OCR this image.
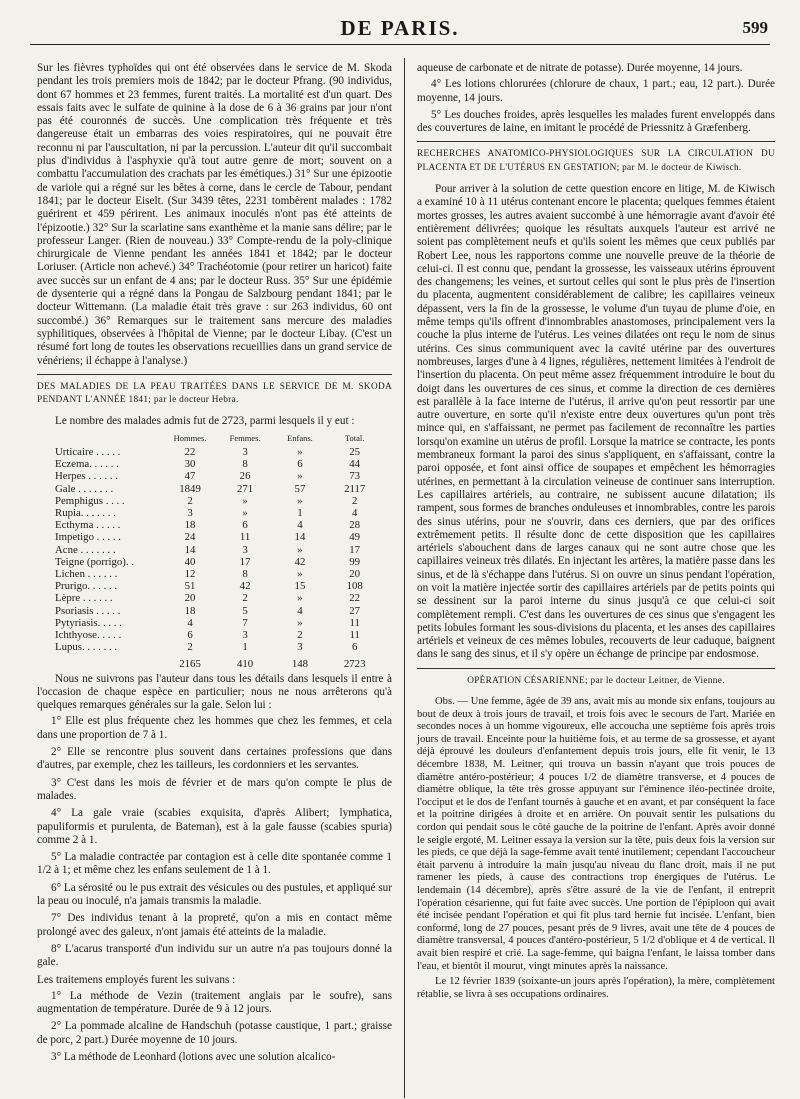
DE PARIS.	599

Sur les fièvres typhoïdes qui ont été observées dans le service de M. Skoda pendant les trois premiers mois de 1842; par le docteur Pfrang. (90 individus, dont 67 hommes et 23 femmes, furent traités. La mortalité est d'un quart. Des essais faits avec le sulfate de quinine à la dose de 6 à 36 grains par jour n'ont pas été couronnés de succès. Une complication très fréquente et très dangereuse était un embarras des voies respiratoires, qui ne pouvait être reconnu ni par l'auscultation, ni par la percussion. L'auteur dit qu'il succombait plus d'individus à l'asphyxie qu'à tout autre genre de mort; souvent on a combattu l'accumulation des crachats par les émétiques.) 31° Sur une épizootie de variole qui a régné sur les bêtes à corne, dans le cercle de Tabour, pendant 1841; par le docteur Eiselt. (Sur 3439 têtes, 2231 tombèrent malades : 1782 guérirent et 459 périrent. Les animaux inoculés n'ont pas été atteints de l'épizootie.) 32° Sur la scarlatine sans exanthème et la manie sans délire; par le professeur Langer. (Rien de nouveau.) 33° Compte-rendu de la poly-clinique chirurgicale de Vienne pendant les années 1841 et 1842; par le docteur Loriuser. (Article non achevé.) 34° Trachéotomie (pour retirer un haricot) faite avec succès sur un enfant de 4 ans; par le docteur Russ. 35° Sur une épidémie de dysenterie qui a régné dans la Pongau de Salzbourg pendant 1841; par le docteur Wittemann. (La maladie était très grave : sur 263 individus, 60 ont succombé.) 36° Remarques sur le traitement sans mercure des maladies syphilitiques, observées à l'hôpital de Vienne; par le docteur Libay. (C'est un résumé fort long de toutes les observations recueillies dans un grand service de vénériens; il échappe à l'analyse.)

DES MALADIES DE LA PEAU TRAITÉES DANS LE SERVICE DE M. SKODA PENDANT L'ANNÉE 1841; par le docteur Hebra.

Le nombre des malades admis fut de 2723, parmi lesquels il y eut :

	Hommes.	Femmes.	Enfans.	Total.
Urticaire . . . . .	22	3	»	25
Eczema. . . . . .	30	8	6	44
Herpes . . . . . .	47	26	»	73
Gale . . . . . . .	1849	271	57	2117
Pemphigus . . . .	2	»	»	2
Rupia. . . . . . .	3	»	1	4
Ecthyma . . . . .	18	6	4	28
Impetigo . . . . .	24	11	14	49
Acne . . . . . . .	14	3	»	17
Teigne (porrigo). .	40	17	42	99
Lichen . . . . . .	12	8	»	20
Prurigo. . . . . .	51	42	15	108
Lèpre . . . . . .	20	2	»	22
Psoriasis . . . . .	18	5	4	27
Pytyriasis. . . . .	4	7	»	11
Ichthyose. . . . .	6	3	2	11
Lupus. . . . . . .	2	1	3	6
	2165	410	148	2723

Nous ne suivrons pas l'auteur dans tous les détails dans lesquels il entre à l'occasion de chaque espèce en particulier; nous ne nous arrêterons qu'à quelques remarques générales sur la gale. Selon lui :

1° Elle est plus fréquente chez les hommes que chez les femmes, et cela dans une proportion de 7 à 1.

2° Elle se rencontre plus souvent dans certaines professions que dans d'autres, par exemple, chez les tailleurs, les cordonniers et les servantes.

3° C'est dans les mois de février et de mars qu'on compte le plus de malades.

4° La gale vraie (scabies exquisita, d'après Alibert; lymphatica, papuliformis et purulenta, de Bateman), est à la gale fausse (scabies spuria) comme 2 à 1.

5° La maladie contractée par contagion est à celle dite spontanée comme 1 1/2 à 1; et même chez les enfans seulement de 1 à 1.

6° La sérosité ou le pus extrait des vésicules ou des pustules, et appliqué sur la peau ou inoculé, n'a jamais transmis la maladie.

7° Des individus tenant à la propreté, qu'on a mis en contact même prolongé avec des galeux, n'ont jamais été atteints de la maladie.

8° L'acarus transporté d'un individu sur un autre n'a pas toujours donné la gale.

Les traitemens employés furent les suivans :

1° La méthode de Vezin (traitement anglais par le soufre), sans augmentation de température. Durée de 9 à 12 jours.

2° La pommade alcaline de Handschuh (potasse caustique, 1 part.; graisse de porc, 2 part.) Durée moyenne de 10 jours.

3° La méthode de Leonhard (lotions avec une solution alcalico-

aqueuse de carbonate et de nitrate de potasse). Durée moyenne, 14 jours.

4° Les lotions chlorurées (chlorure de chaux, 1 part.; eau, 12 part.). Durée moyenne, 14 jours.

5° Les douches froides, après lesquelles les malades furent enveloppés dans des couvertures de laine, en imitant le procédé de Priessnitz à Græfenberg.

RECHERCHES ANATOMICO-PHYSIOLOGIQUES SUR LA CIRCULATION DU PLACENTA ET DE L'UTÉRUS EN GESTATION; par M. le docteur de Kiwisch.

Pour arriver à la solution de cette question encore en litige, M. de Kiwisch a examiné 10 à 11 utérus contenant encore le placenta; quelques femmes étaient mortes grosses, les autres avaient succombé à une hémorragie avant d'avoir été entièrement délivrées; quoique les résultats auxquels l'auteur est arrivé ne soient pas complètement neufs et qu'ils soient les mêmes que ceux publiés par Robert Lee, nous les rapportons comme une nouvelle preuve de la théorie de celui-ci. Il est connu que, pendant la grossesse, les vaisseaux utérins éprouvent des changemens; les veines, et surtout celles qui sont le plus près de l'insertion du placenta, augmentent considérablement de calibre; les capillaires veineux dépassent, vers la fin de la grossesse, le volume d'un tuyau de plume d'oie, en même temps qu'ils offrent d'innombrables anastomoses, principalement vers la couche la plus interne de l'utérus. Les veines dilatées ont reçu le nom de sinus utérins. Ces sinus communiquent avec la cavité utérine par des ouvertures nombreuses, larges d'une à 4 lignes, régulières, nettement limitées à l'endroit de l'insertion du placenta. On peut même assez fréquemment introduire le bout du doigt dans les ouvertures de ces sinus, et comme la direction de ces dernières est parallèle à la face interne de l'utérus, il arrive qu'on peut ressortir par une autre ouverture, en sorte qu'il n'existe entre deux ouvertures qu'un pont très mince qui, en s'affaissant, ne permet pas facilement de reconnaître les parties lorsqu'on examine un utérus de profil. Lorsque la matrice se contracte, les ponts membraneux formant la paroi des sinus s'appliquent, en s'affaissant, contre la paroi opposée, et font ainsi office de soupapes et empêchent les hémorragies utérines, en permettant à la circulation veineuse de continuer sans interruption. Les capillaires artériels, au contraire, ne subissent aucune dilatation; ils rampent, sous formes de branches onduleuses et innombrables, contre les parois des sinus utérins, pour ne s'ouvrir, dans ces derniers, que par des orifices extrêmement petits. Il résulte donc de cette disposition que les capillaires artériels s'abouchent dans de larges canaux qui ne sont autre chose que les capillaires veineux très dilatés. En injectant les artères, la matière passe dans les sinus, et de là s'échappe dans l'utérus. Si on ouvre un sinus pendant l'opération, on voit la matière injectée sortir des capillaires artériels par de petits points qui se dessinent sur la paroi interne du sinus jusqu'à ce que celui-ci soit complètement rempli. C'est dans les ouvertures de ces sinus que s'engagent les petits lobules formant les sous-divisions du placenta, et les anses des capillaires artériels et veineux de ces mêmes lobules, recouverts de leur caduque, baignent dans le sang des sinus, et il s'y opère un échange de principe par endosmose.

OPÉRATION CÉSARIENNE; par le docteur Leitner, de Vienne.

Obs. — Une femme, âgée de 39 ans, avait mis au monde six enfans, toujours au bout de deux à trois jours de travail, et trois fois avec le secours de l'art. Mariée en secondes noces à un homme vigoureux, elle accoucha une septième fois après trois jours de travail. Enceinte pour la huitième fois, et au terme de sa grossesse, et ayant déjà éprouvé les douleurs d'enfantement depuis trois jours, elle fit venir, le 13 décembre 1838, M. Leitner, qui trouva un bassin n'ayant que trois pouces de diamètre antéro-postérieur; 4 pouces 1/2 de diamètre transverse, et 4 pouces de diamètre oblique, la tête très grosse appuyant sur l'éminence iléo-pectinée droite, l'occiput et le dos de l'enfant tournés à gauche et en avant, et par conséquent la face et la poitrine dirigées à droite et en arrière. On pouvait sentir les pulsations du cordon qui pendait sous le côté gauche de la poitrine de l'enfant. Après avoir donné le seigle ergoté, M. Leitner essaya la version sur la tête, puis deux fois la version sur les pieds, ce que déjà la sage-femme avait tenté inutilement; cependant l'accoucheur était parvenu à introduire la main jusqu'au niveau du flanc droit, mais il ne put ramener les pieds, à cause des contractions trop énergiques de l'utérus. Le lendemain (14 décembre), après s'être assuré de la vie de l'enfant, il entreprit l'opération césarienne, qui fut faite avec succès. Une portion de l'épiploon qui avait été incisée pendant l'opération et qui fit plus tard hernie fut incisée. L'enfant, bien conformé, long de 27 pouces, pesant près de 9 livres, avait une tête de 4 pouces de diamètre transversal, 4 pouces d'antéro-postérieur, 5 1/2 d'oblique et 4 de vertical. Il avait bien respiré et crié. La sage-femme, qui baigna l'enfant, le laissa tomber dans l'eau, et bientôt il mourut, vingt minutes après la naissance.

Le 12 février 1839 (soixante-un jours après l'opération), la mère, complètement rétablie, se livra à ses occupations ordinaires.
